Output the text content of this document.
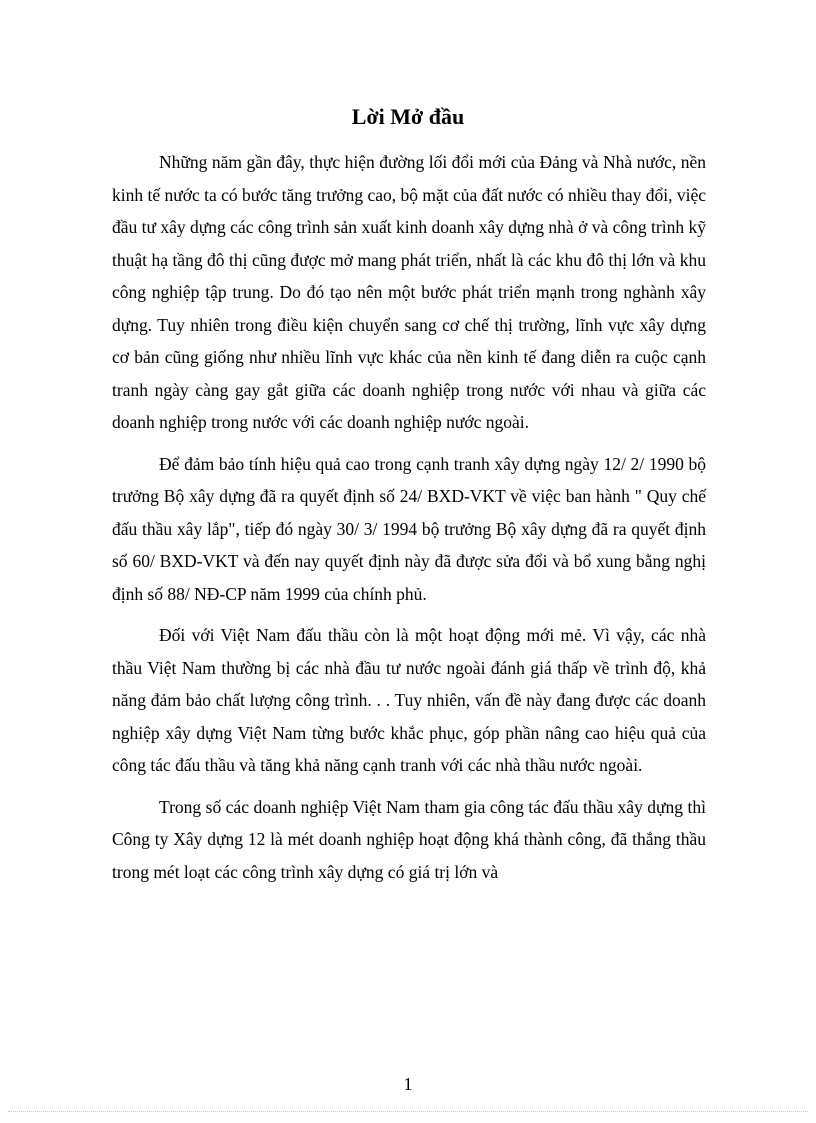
Lời Mở đầu

Những năm gần đây, thực hiện đường lối đổi mới của Đảng và Nhà nước, nền kinh tế nước ta có bước tăng trưởng cao, bộ mặt của đất nước có nhiều thay đổi, việc đầu tư xây dựng các công trình sản xuất kinh doanh xây dựng nhà ở và công trình kỹ thuật hạ tầng đô thị cũng được mở mang phát triển, nhất là các khu đô thị lớn và khu công nghiệp tập trung. Do đó tạo nên một bước phát triển mạnh trong nghành xây dựng. Tuy nhiên trong điều kiện chuyển sang cơ chế thị trường, lĩnh vực xây dựng cơ bản cũng giống như nhiều lĩnh vực khác của nền kinh tế đang diễn ra cuộc cạnh tranh ngày càng gay gắt giữa các doanh nghiệp trong nước với nhau và giữa các doanh nghiệp trong nước với các doanh nghiệp nước ngoài.

Để đảm bảo tính hiệu quả cao trong cạnh tranh xây dựng ngày 12/ 2/ 1990 bộ trưởng Bộ xây dựng đã ra quyết định số 24/ BXD-VKT về việc ban hành " Quy chế đấu thầu xây lắp", tiếp đó ngày 30/ 3/ 1994 bộ trưởng Bộ xây dựng đã ra quyết định số 60/ BXD-VKT và đến nay quyết định này đã được sửa đổi và bổ xung bằng nghị định số 88/ NĐ-CP năm 1999 của chính phủ.

Đối với Việt Nam đấu thầu còn là một hoạt động mới mẻ. Vì vậy, các nhà thầu Việt Nam thường bị các nhà đầu tư nước ngoài đánh giá thấp về trình độ, khả năng đảm bảo chất lượng công trình. . . Tuy nhiên, vấn đề này đang được các doanh nghiệp xây dựng Việt Nam từng bước khắc phục, góp phần nâng cao hiệu quả của công tác đấu thầu và tăng khả năng cạnh tranh với các nhà thầu nước ngoài.

Trong số các doanh nghiệp Việt Nam tham gia công tác đấu thầu xây dựng thì Công ty Xây dựng 12 là mét doanh nghiệp hoạt động khá thành công, đã thắng thầu trong mét loạt các công trình xây dựng có giá trị lớn và

1
